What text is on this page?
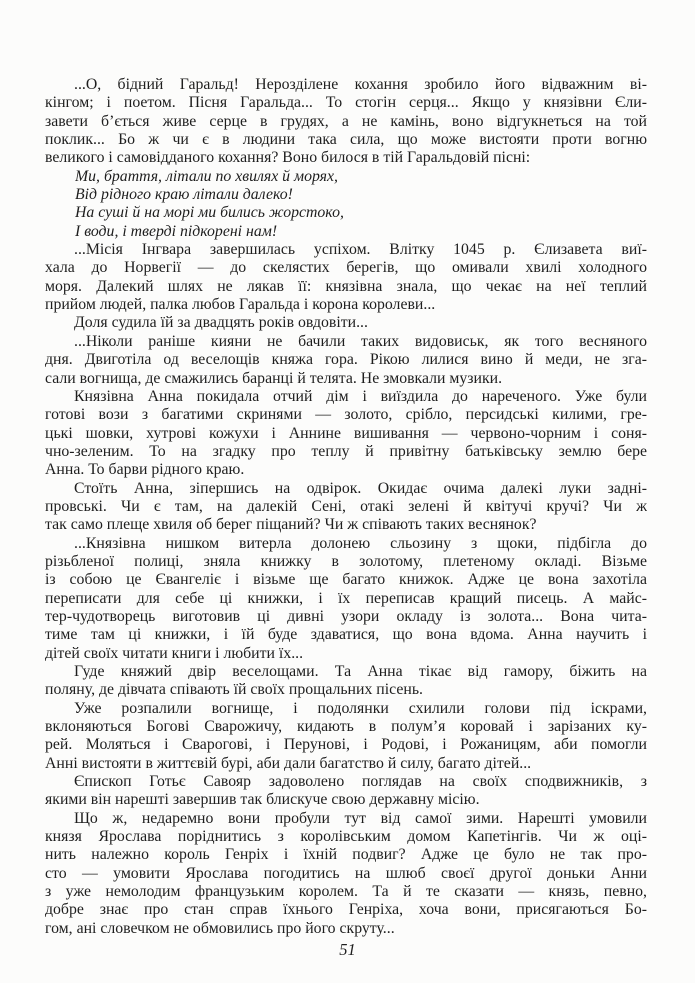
...О, бідний Гаральд! Нерозділене кохання зробило його відважним ві-
кінгом; і поетом. Пісня Гаральда... То стогін серця... Якщо у князівни Єли-
завети б’ється живе серце в грудях, а не камінь, воно відгукнеться на той
поклик... Бо ж чи є в людини така сила, що може вистояти проти вогню
великого і самовідданого кохання? Воно билося в тій Гаральдовій пісні:
Ми, браття, літали по хвилях й морях,
Від рідного краю літали далеко!
На суші й на морі ми бились жорстоко,
І води, і тверді підкорені нам!
...Місія Інгвара завершилась успіхом. Влітку 1045 р. Єлизавета виї-
хала до Норвегії — до скелястих берегів, що омивали хвилі холодного
моря. Далекий шлях не лякав її: князівна знала, що чекає на неї теплий
прийом людей, палка любов Гаральда і корона королеви...
Доля судила їй за двадцять років овдовіти...
...Ніколи раніше кияни не бачили таких видовиськ, як того весняного
дня. Двиготіла од веселощів княжа гора. Рікою лилися вино й меди, не зга-
сали вогнища, де смажились баранці й телята. Не змовкали музики.
Князівна Анна покидала отчий дім і виїздила до нареченого. Уже були
готові вози з багатими скринями — золото, срібло, персидські килими, гре-
цькі шовки, хутрові кожухи і Аннине вишивання — червоно-чорним і соня-
чно-зеленим. То на згадку про теплу й привітну батьківську землю бере
Анна. То барви рідного краю.
Стоїть Анна, зіпершись на одвірок. Окидає очима далекі луки задні-
провські. Чи є там, на далекій Сені, отакі зелені й квітучі кручі? Чи ж
так само плеще хвиля об берег піщаний? Чи ж співають таких веснянок?
...Князівна нишком витерла долонею сльозину з щоки, підбігла до
різьбленої полиці, зняла книжку в золотому, плетеному окладі. Візьме
із собою це Євангеліє і візьме ще багато книжок. Адже це вона захотіла
переписати для себе ці книжки, і їх переписав кращий писець. А майс-
тер-чудотворець виготовив ці дивні узори окладу із золота... Вона чита-
тиме там ці книжки, і їй буде здаватися, що вона вдома. Анна научить і
дітей своїх читати книги і любити їх...
Гуде княжий двір веселощами. Та Анна тікає від гамору, біжить на
поляну, де дівчата співають їй своїх прощальних пісень.
Уже розпалили вогнище, і подолянки схилили голови під іскрами,
вклоняються Богові Сварожичу, кидають в полум’я коровай і зарізаних ку-
рей. Моляться і Сварогові, і Перунові, і Родові, і Рожаницям, аби помогли
Анні вистояти в життєвій бурі, аби дали багатство й силу, багато дітей...
Єпископ Готьє Савояр задоволено поглядав на своїх сподвижників, з
якими він нарешті завершив так блискуче свою державну місію.
Що ж, недаремно вони пробули тут від самої зими. Нарешті умовили
князя Ярослава поріднитись з королівським домом Капетінгів. Чи ж оці-
нить належно король Генріх і їхній подвиг? Адже це було не так про-
сто — умовити Ярослава погодитись на шлюб своєї другої доньки Анни
з уже немолодим французьким королем. Та й те сказати — князь, певно,
добре знає про стан справ їхнього Генріха, хоча вони, присягаються Бо-
гом, ані словечком не обмовились про його скруту...
51
